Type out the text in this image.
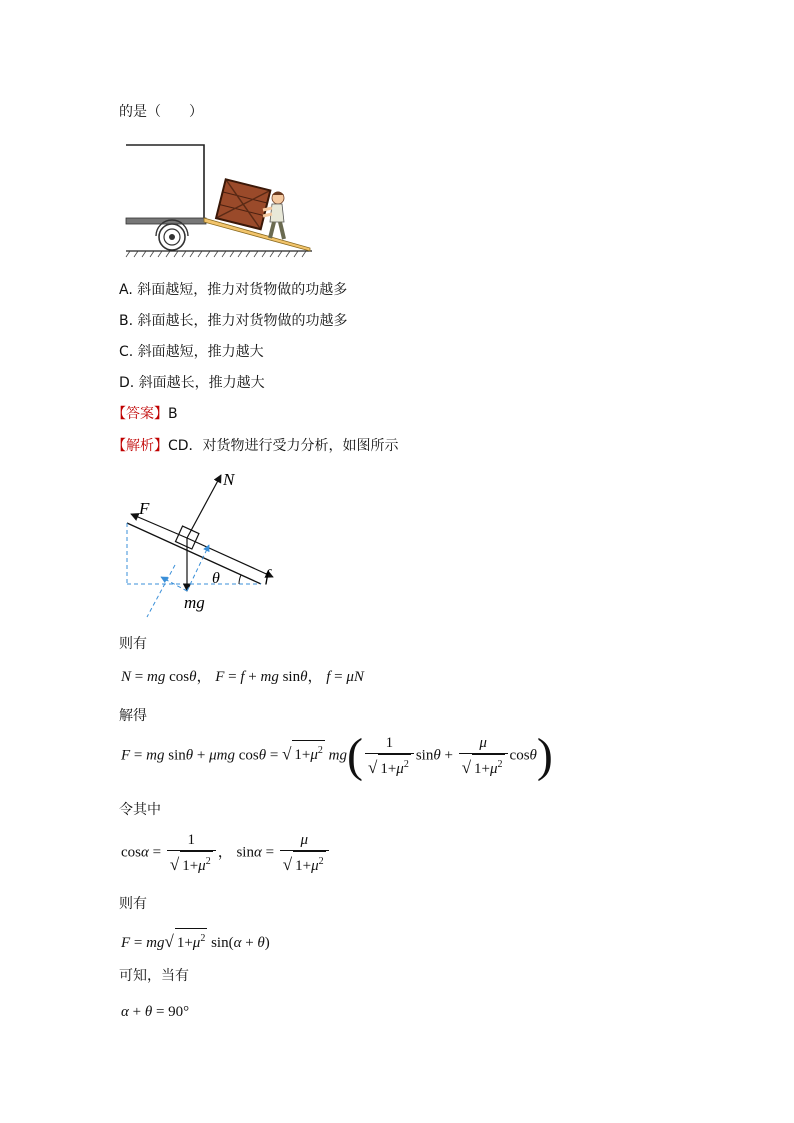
的是（　　）
A. 斜面越短，推力对货物做的功越多
B. 斜面越长，推力对货物做的功越多
C. 斜面越短，推力越大
D. 斜面越长，推力越大
【答案】B
【解析】CD．对货物进行受力分析，如图所示
N
F
f
θ
mg
则有
N = mg cosθ， F = f + mg sinθ， f = μN
解得
F = mg sinθ + μmg cosθ = √ $1+\mu^2$ $mg( \frac{1}{√ 1+\mu^2}$ $\sin\theta + \frac{\mu}{√ 1+\mu^2} \cos\theta$)
令其中
$\cos\alpha = \frac{1}{√ 1+\mu^2}$ ， $\sin\alpha = \frac{\mu}{√ 1+\mu^2}$
则有
F = mg√ $1+\mu^2$ sin(α + θ)
可知，当有
α + θ = 90°
